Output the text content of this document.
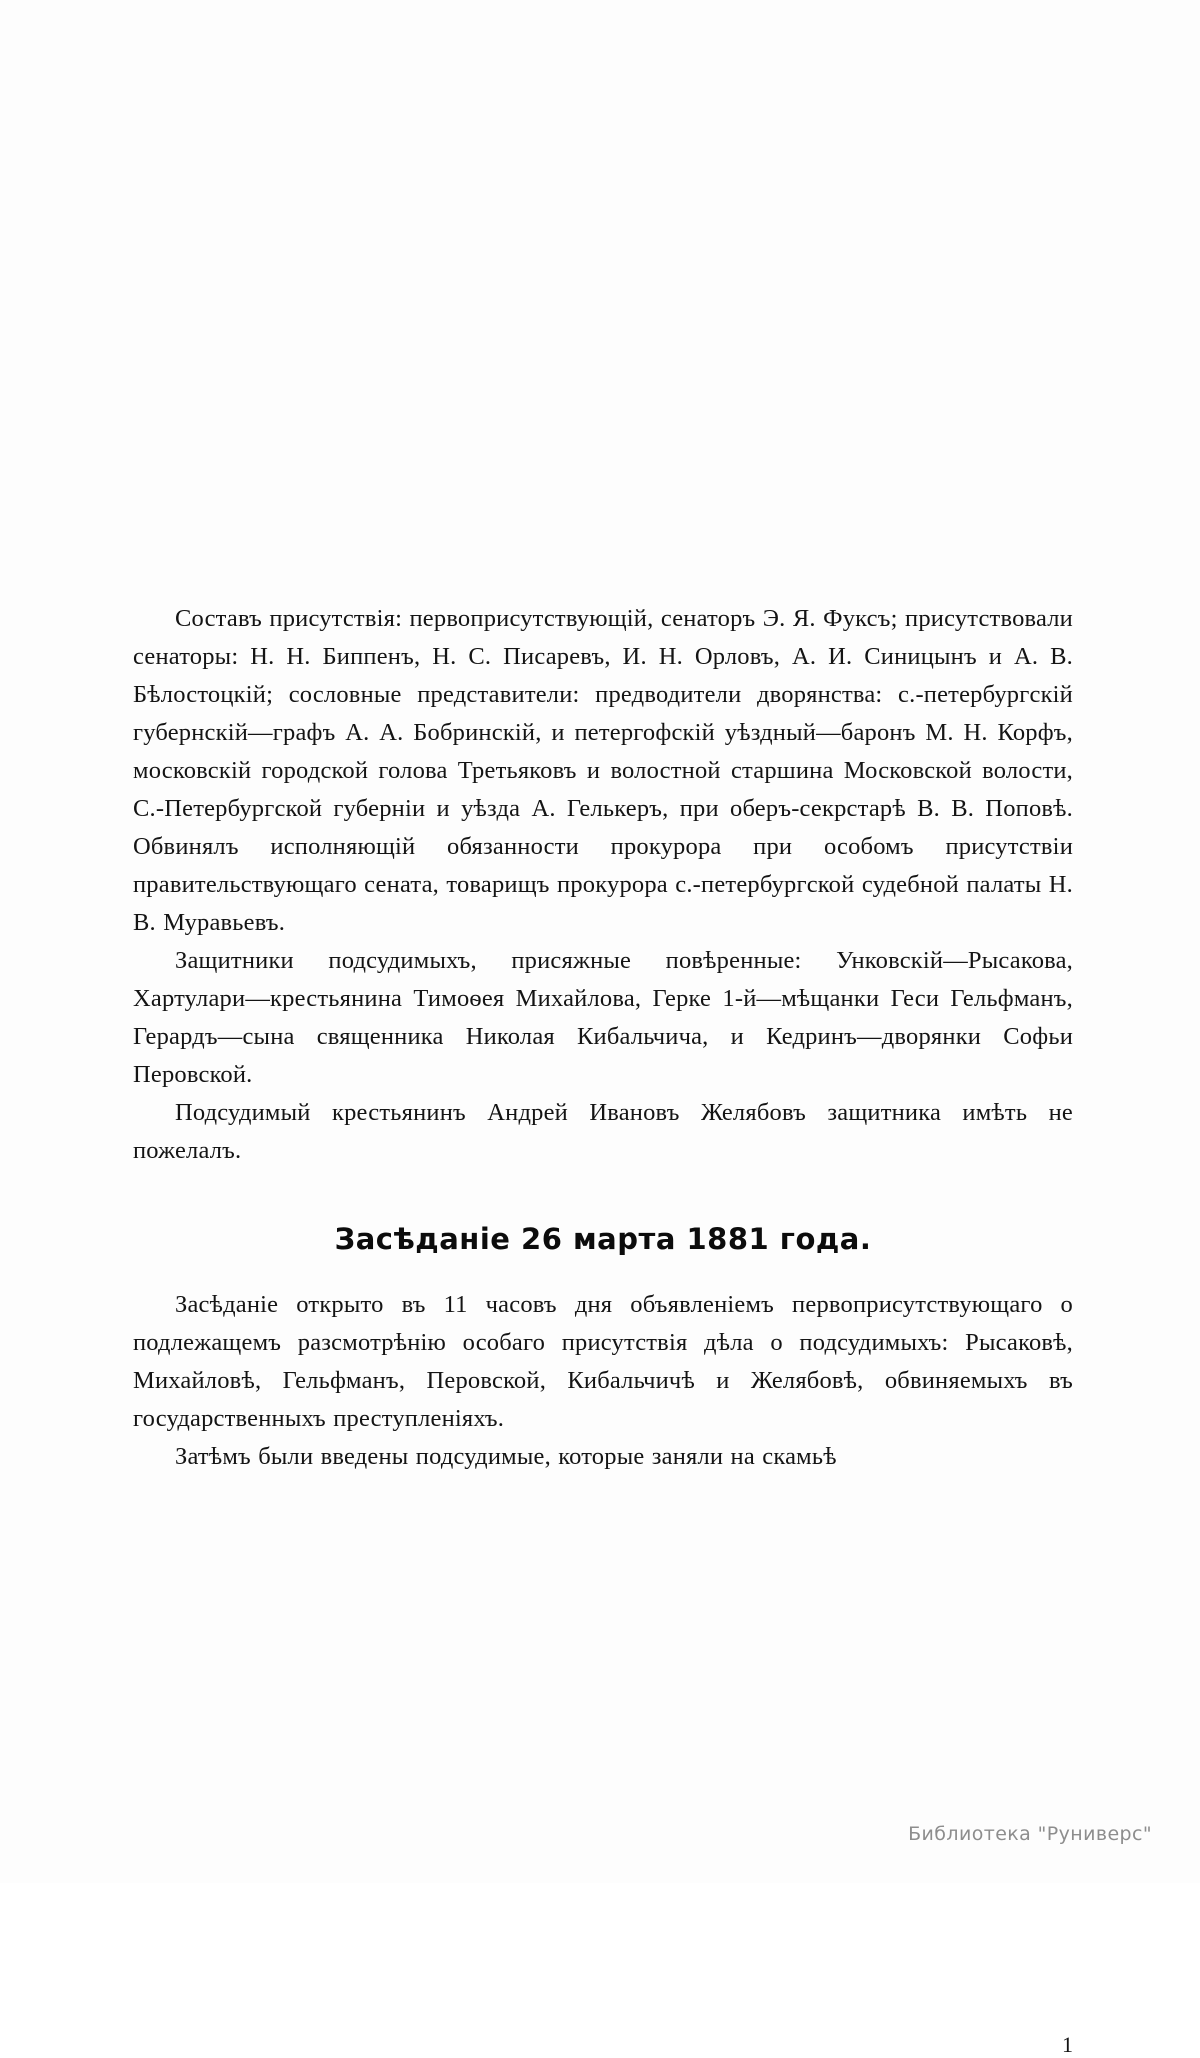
Составъ присутствія: первоприсутствующій, сенаторъ Э. Я. Фуксъ; присутствовали сенаторы: Н. Н. Биппенъ, Н. С. Писаревъ, И. Н. Орловъ, А. И. Синицынъ и А. В. Бѣлостоцкій; сословные представители: предводители дворянства: с.-петербургскій губернскій—графъ А. А. Бобринскій, и петергофскій уѣздный—баронъ М. Н. Корфъ, московскій городской голова Третьяковъ и волостной старшина Московской волости, С.-Петербургской губерніи и уѣзда А. Гелькеръ, при оберъ-секрстарѣ В. В. Поповѣ. Обвинялъ исполняющій обязанности прокурора при особомъ присутствіи правительствующаго сената, товарищъ прокурора с.-петербургской судебной палаты Н. В. Муравьевъ.

Защитники подсудимыхъ, присяжные повѣренные: Унковскій—Рысакова, Хартулари—крестьянина Тимоѳея Михайлова, Герке 1-й—мѣщанки Геси Гельфманъ, Герардъ—сына священника Николая Кибальчича, и Кедринъ—дворянки Софьи Перовской.

Подсудимый крестьянинъ Андрей Ивановъ Желябовъ защитника имѣть не пожелалъ.

Засѣданіе 26 марта 1881 года.

Засѣданіе открыто въ 11 часовъ дня объявленіемъ первоприсутствующаго о подлежащемъ разсмотрѣнію особаго присутствія дѣла о подсудимыхъ: Рысаковѣ, Михайловѣ, Гельфманъ, Перовской, Кибальчичѣ и Желябовѣ, обвиняемыхъ въ государственныхъ преступленіяхъ.

Затѣмъ были введены подсудимые, которые заняли на скамьѣ

1
Библиотека "Руниверс"
